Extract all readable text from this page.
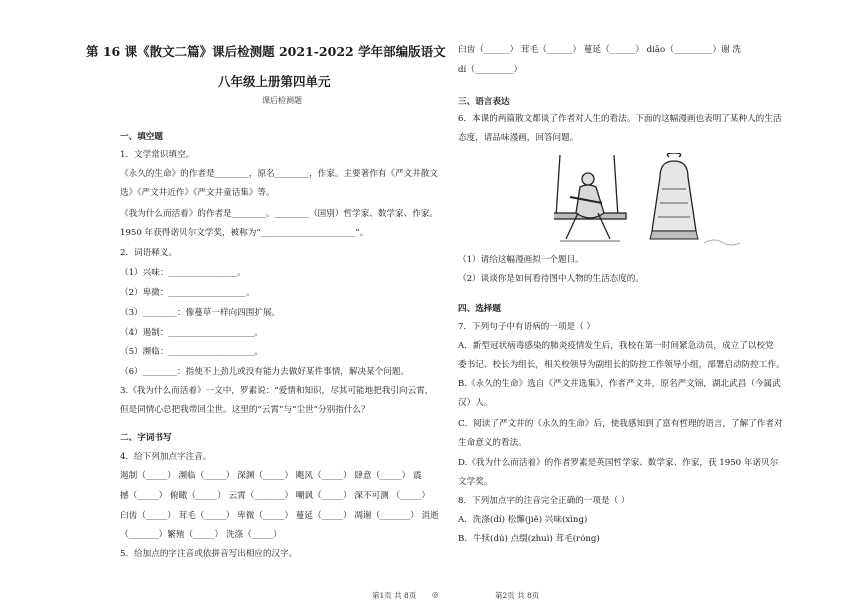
第 16 课《散文二篇》课后检测题 2021-2022 学年部编版语文
八年级上册第四单元
课后检测题
一、填空题
1．文学常识填空。
《永久的生命》的作者是________，原名________，作家。主要著作有《严文井散文
选》《严文井近作》《严文井童话集》等。
《我为什么而活着》的作者是________。________（国别）哲学家、数学家、作家。
1950 年获得诺贝尔文学奖，被称为“______________________”。
2．词语释义。
（1）兴味：________________。
（2）卑微：__________________。
（3）________：像蔓草一样向四围扩展。
（4）遏制：____________________。
（5）濒临：____________________。
（6）________：指使不上劲儿或没有能力去做好某件事情，解决某个问题。
3.《我为什么而活着》一文中，罗素说：“爱情和知识，尽其可能地把我引向云霄，
但是同情心总把我带回尘世。这里的“云霄”与“尘世”分别指什么？
二、字词书写
4．给下列加点字注音。
遏制（_____） 濒临（_____） 深渊（_____） 飓风（_____） 肆意（_____） 震
撼（_____） 俯瞰（_____） 云霄（_______） 嘲讽（_____） 深不可测 （_____）
臼齿（_____） 茸毛（_____） 卑微（_____） 蔓延（_____） 凋谢（_______） 消逝
（_______）繁殖（_____） 洗涤（_____）
5．给加点的字注音或依拼音写出相应的汉字。
臼齿（______） 茸毛（______） 蔓延（______） diāo（_________）谢 洗
dí（_________）
三、语言表达
6．本课的两篇散文都谈了作者对人生的看法。下面的这幅漫画也表明了某种人的生活
态度，请品味漫画，回答问题。
（1）请给这幅漫画拟一个题目。
（2）谈谈你是如何看待图中人物的生活态度的。
四、选择题
7．下列句子中有语病的一项是（ ）
A．新型冠状病毒感染的肺炎疫情发生后，我校在第一时间紧急动员，成立了以校党
委书记、校长为组长，相关校领导为副组长的防控工作领导小组，部署启动防控工作。
B.《永久的生命》选自《严文井选集》，作者严文井，原名严文锦，湖北武昌（今属武
汉）人。
C．阅读了严文井的《永久的生命》后，使我感知到了富有哲理的语言，了解了作者对
生命意义的看法。
D.《我为什么而活着》的作者罗素是英国哲学家、数学家、作家，获 1950 年诺贝尔
文学奖。
8．下列加点字的注音完全正确的一项是（ ）
A．洗涤(dí) 松懈(jiě) 兴味(xìng)
B．牛犊(dú) 点缀(zhuì) 茸毛(róng)
第1页 共 8页 ◎	第2页 共 8页
